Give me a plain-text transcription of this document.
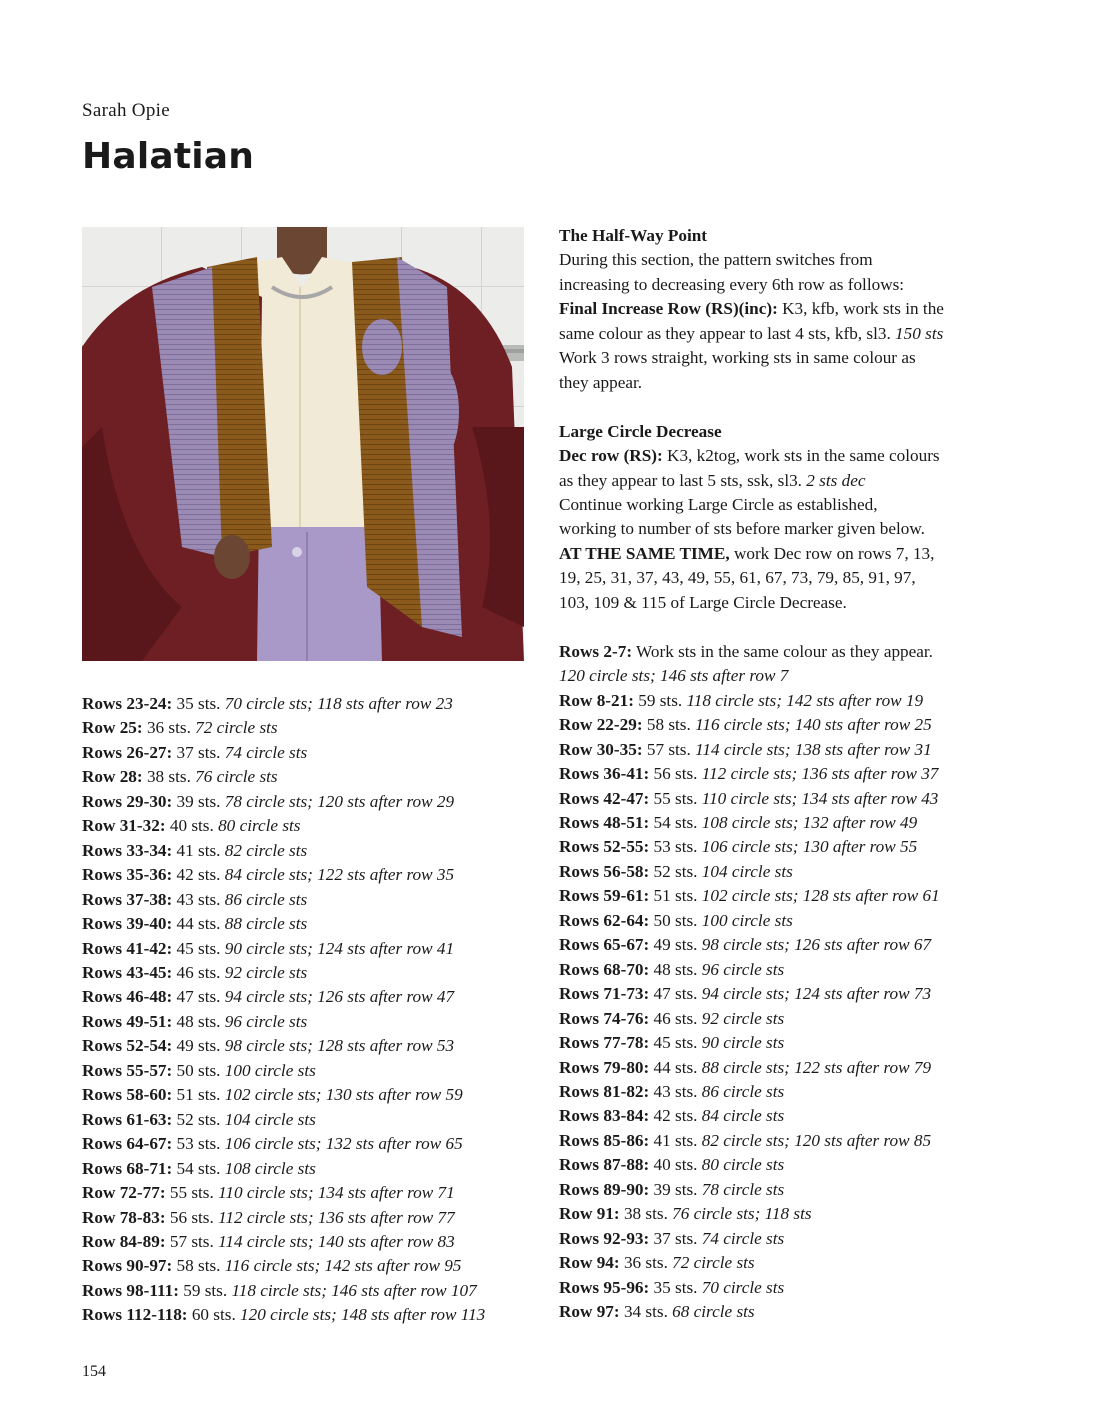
Sarah Opie
Halatian
Rows 23-24: 35 sts. 70 circle sts; 118 sts after row 23
Row 25: 36 sts. 72 circle sts
Rows 26-27: 37 sts. 74 circle sts
Row 28: 38 sts. 76 circle sts
Rows 29-30: 39 sts. 78 circle sts; 120 sts after row 29
Row 31-32: 40 sts. 80 circle sts
Rows 33-34: 41 sts. 82 circle sts
Rows 35-36: 42 sts. 84 circle sts; 122 sts after row 35
Rows 37-38: 43 sts. 86 circle sts
Rows 39-40: 44 sts. 88 circle sts
Rows 41-42: 45 sts. 90 circle sts; 124 sts after row 41
Rows 43-45: 46 sts. 92 circle sts
Rows 46-48: 47 sts. 94 circle sts; 126 sts after row 47
Rows 49-51: 48 sts. 96 circle sts
Rows 52-54: 49 sts. 98 circle sts; 128 sts after row 53
Rows 55-57: 50 sts. 100 circle sts
Rows 58-60: 51 sts. 102 circle sts; 130 sts after row 59
Rows 61-63: 52 sts. 104 circle sts
Rows 64-67: 53 sts. 106 circle sts; 132 sts after row 65
Rows 68-71: 54 sts. 108 circle sts
Row 72-77: 55 sts. 110 circle sts; 134 sts after row 71
Row 78-83: 56 sts. 112 circle sts; 136 sts after row 77
Row 84-89: 57 sts. 114 circle sts; 140 sts after row 83
Rows 90-97: 58 sts. 116 circle sts; 142 sts after row 95
Rows 98-111: 59 sts. 118 circle sts; 146 sts after row 107
Rows 112-118: 60 sts. 120 circle sts; 148 sts after row 113
The Half-Way Point
During this section, the pattern switches from
increasing to decreasing every 6th row as follows:
Final Increase Row (RS)(inc): K3, kfb, work sts in the
same colour as they appear to last 4 sts, kfb, sl3. 150 sts
Work 3 rows straight, working sts in same colour as
they appear.
Large Circle Decrease
Dec row (RS): K3, k2tog, work sts in the same colours
as they appear to last 5 sts, ssk, sl3. 2 sts dec
Continue working Large Circle as established,
working to number of sts before marker given below.
AT THE SAME TIME, work Dec row on rows 7, 13,
19, 25, 31, 37, 43, 49, 55, 61, 67, 73, 79, 85, 91, 97,
103, 109 & 115 of Large Circle Decrease.
Rows 2-7: Work sts in the same colour as they appear.
120 circle sts; 146 sts after row 7
Row 8-21: 59 sts. 118 circle sts; 142 sts after row 19
Row 22-29: 58 sts. 116 circle sts; 140 sts after row 25
Row 30-35: 57 sts. 114 circle sts; 138 sts after row 31
Rows 36-41: 56 sts. 112 circle sts; 136 sts after row 37
Rows 42-47: 55 sts. 110 circle sts; 134 sts after row 43
Rows 48-51: 54 sts. 108 circle sts; 132 after row 49
Rows 52-55: 53 sts. 106 circle sts; 130 after row 55
Rows 56-58: 52 sts. 104 circle sts
Rows 59-61: 51 sts. 102 circle sts; 128 sts after row 61
Rows 62-64: 50 sts. 100 circle sts
Rows 65-67: 49 sts. 98 circle sts; 126 sts after row 67
Rows 68-70: 48 sts. 96 circle sts
Rows 71-73: 47 sts. 94 circle sts; 124 sts after row 73
Rows 74-76: 46 sts. 92 circle sts
Rows 77-78: 45 sts. 90 circle sts
Rows 79-80: 44 sts. 88 circle sts; 122 sts after row 79
Rows 81-82: 43 sts. 86 circle sts
Rows 83-84: 42 sts. 84 circle sts
Rows 85-86: 41 sts. 82 circle sts; 120 sts after row 85
Rows 87-88: 40 sts. 80 circle sts
Rows 89-90: 39 sts. 78 circle sts
Row 91: 38 sts. 76 circle sts; 118 sts
Rows 92-93: 37 sts. 74 circle sts
Row 94: 36 sts. 72 circle sts
Rows 95-96: 35 sts. 70 circle sts
Row 97: 34 sts. 68 circle sts
154
